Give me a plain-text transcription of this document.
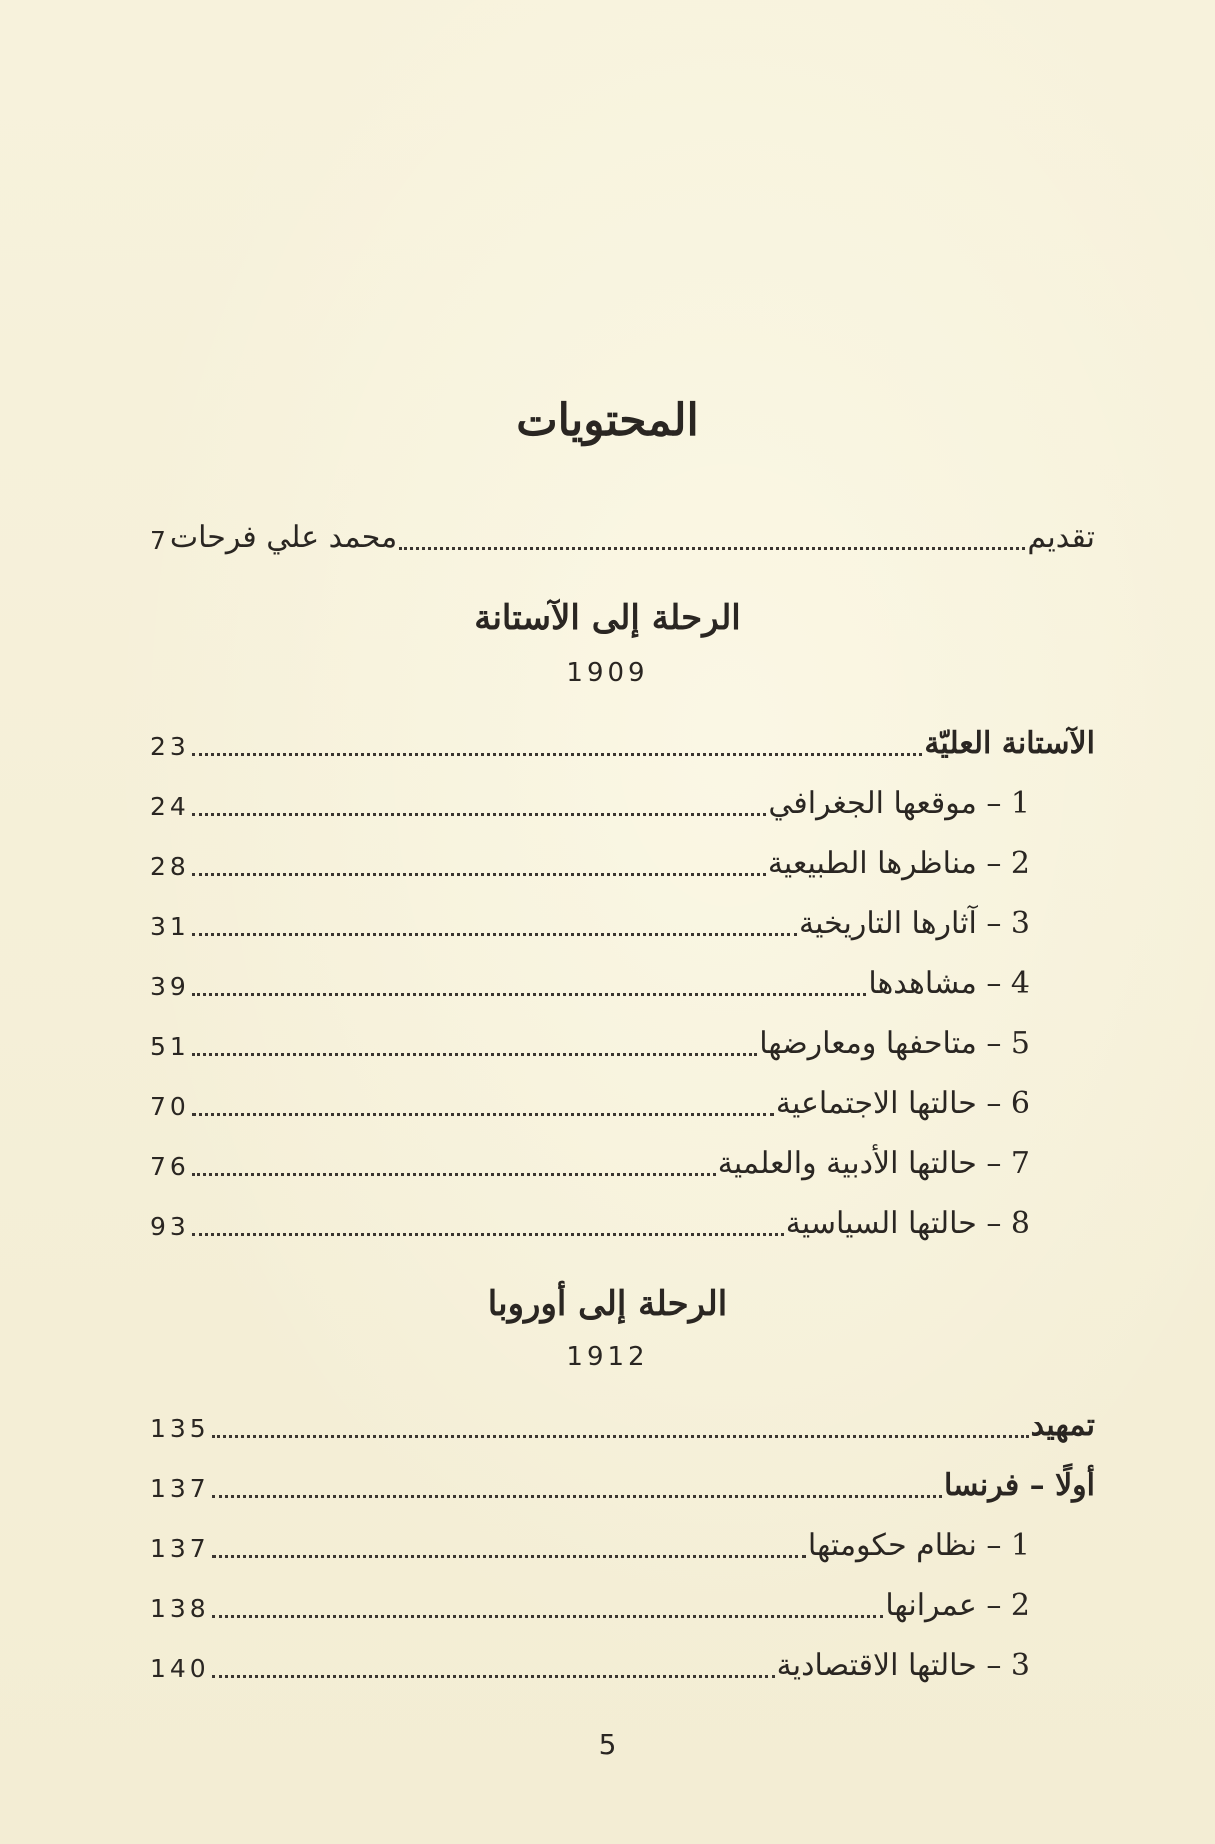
المحتويات
7 محمد علي فرحات	تقديم
الرحلة إلى الآستانة
1909
23	الآستانة العليّة
24	1 – موقعها الجغرافي
28	2 – مناظرها الطبيعية
31	3 – آثارها التاريخية
39	4 – مشاهدها
51	5 – متاحفها ومعارضها
70	6 – حالتها الاجتماعية
76	7 – حالتها الأدبية والعلمية
93	8 – حالتها السياسية
الرحلة إلى أوروبا
1912
135	تمهيد
137	أولًا – فرنسا
137	1 – نظام حكومتها
138	2 – عمرانها
140	3 – حالتها الاقتصادية
5
